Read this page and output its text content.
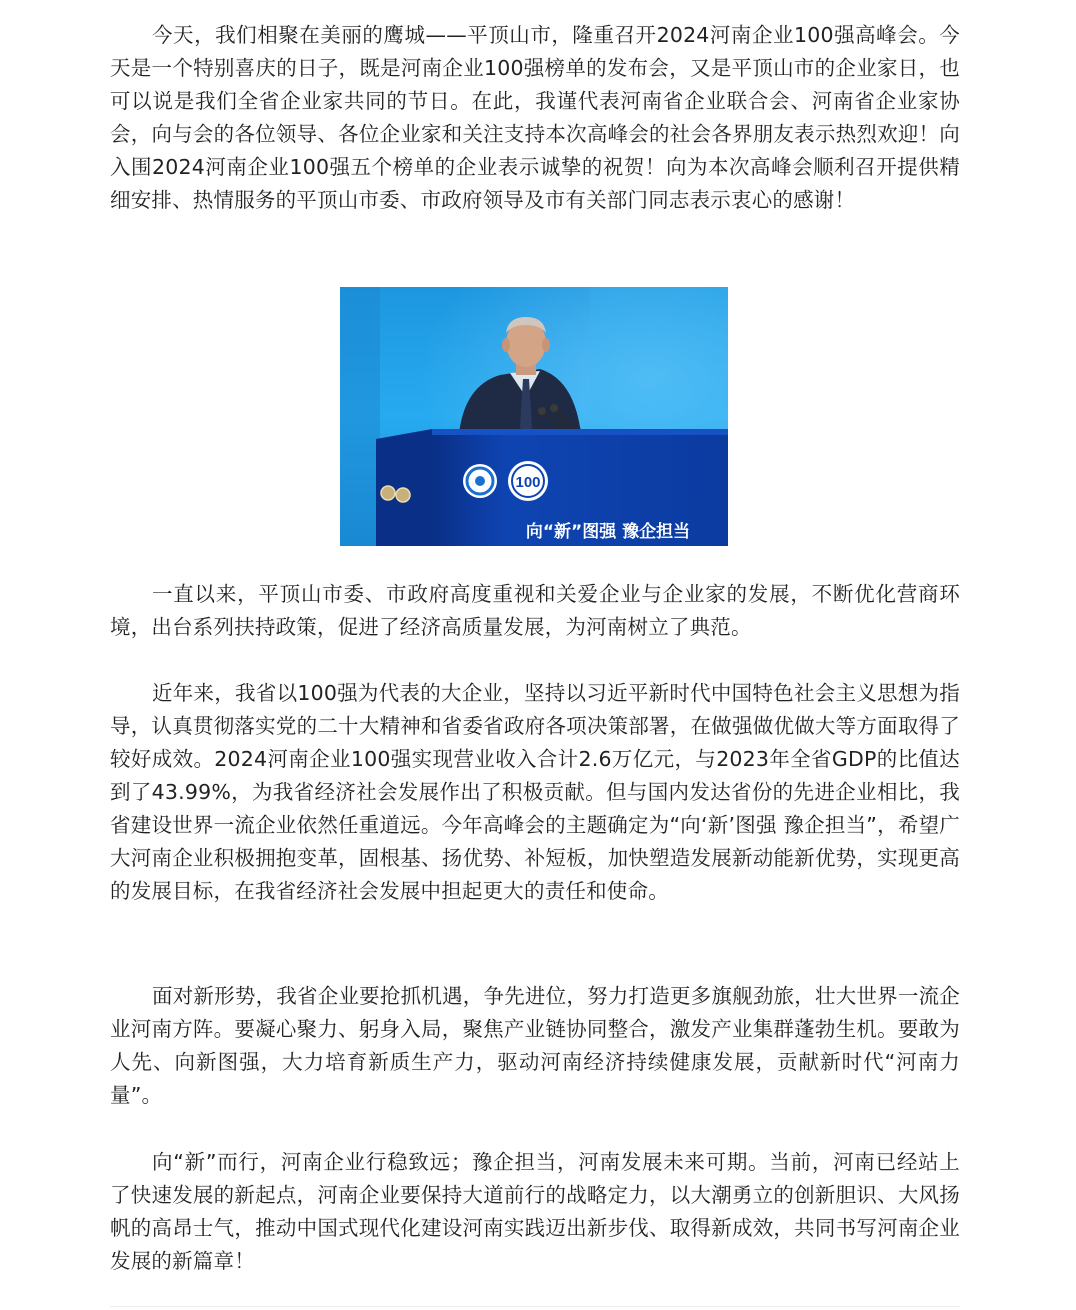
今天，我们相聚在美丽的鹰城——平顶山市，隆重召开2024河南企业100强高峰会。今天是一个特别喜庆的日子，既是河南企业100强榜单的发布会，又是平顶山市的企业家日，也可以说是我们全省企业家共同的节日。在此，我谨代表河南省企业联合会、河南省企业家协会，向与会的各位领导、各位企业家和关注支持本次高峰会的社会各界朋友表示热烈欢迎！向入围2024河南企业100强五个榜单的企业表示诚挚的祝贺！向为本次高峰会顺利召开提供精细安排、热情服务的平顶山市委、市政府领导及市有关部门同志表示衷心的感谢！

一直以来，平顶山市委、市政府高度重视和关爱企业与企业家的发展，不断优化营商环境，出台系列扶持政策，促进了经济高质量发展，为河南树立了典范。

近年来，我省以100强为代表的大企业，坚持以习近平新时代中国特色社会主义思想为指导，认真贯彻落实党的二十大精神和省委省政府各项决策部署，在做强做优做大等方面取得了较好成效。2024河南企业100强实现营业收入合计2.6万亿元，与2023年全省GDP的比值达到了43.99%，为我省经济社会发展作出了积极贡献。但与国内发达省份的先进企业相比，我省建设世界一流企业依然任重道远。今年高峰会的主题确定为“向‘新’图强 豫企担当”，希望广大河南企业积极拥抱变革，固根基、扬优势、补短板，加快塑造发展新动能新优势，实现更高的发展目标，在我省经济社会发展中担起更大的责任和使命。

面对新形势，我省企业要抢抓机遇，争先进位，努力打造更多旗舰劲旅，壮大世界一流企业河南方阵。要凝心聚力、躬身入局，聚焦产业链协同整合，激发产业集群蓬勃生机。要敢为人先、向新图强，大力培育新质生产力，驱动河南经济持续健康发展，贡献新时代“河南力量”。

向“新”而行，河南企业行稳致远；豫企担当，河南发展未来可期。当前，河南已经站上了快速发展的新起点，河南企业要保持大道前行的战略定力，以大潮勇立的创新胆识、大风扬帆的高昂士气，推动中国式现代化建设河南实践迈出新步伐、取得新成效，共同书写河南企业发展的新篇章！

100
向“新”图强 豫企担当
